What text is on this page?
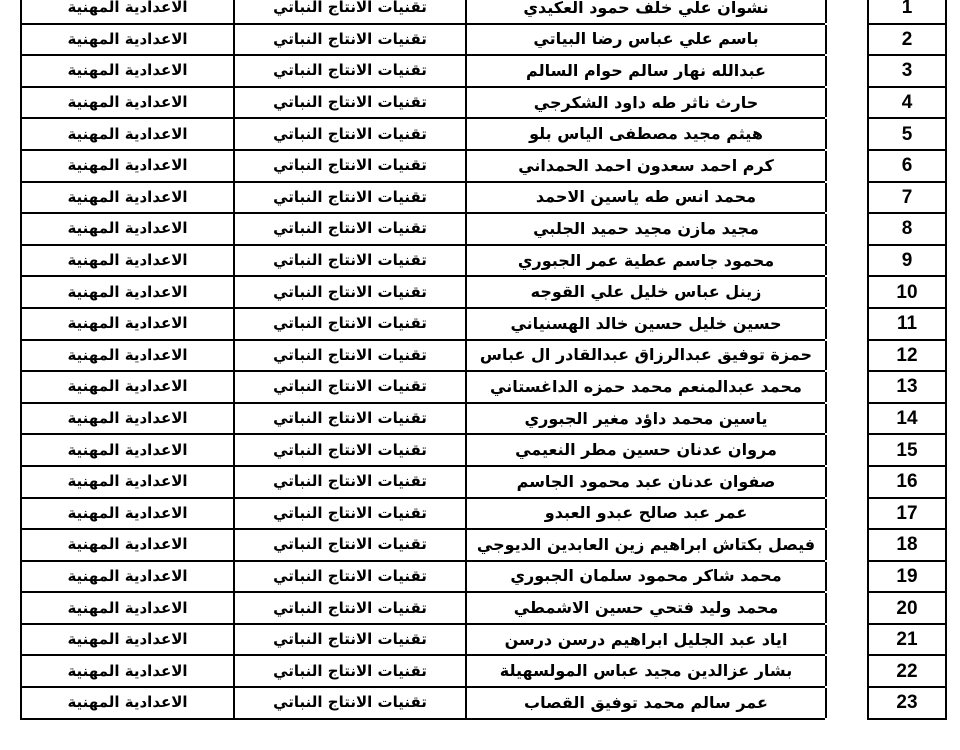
1		نشوان علي خلف حمود العكيدي	تقنيات الانتاج النباتي	الاعدادية المهنية
2		باسم علي عباس رضا البياتي	تقنيات الانتاج النباتي	الاعدادية المهنية
3		عبدالله نهار سالم حوام السالم	تقنيات الانتاج النباتي	الاعدادية المهنية
4		حارث ناثر طه داود الشكرجي	تقنيات الانتاج النباتي	الاعدادية المهنية
5		هيثم مجيد مصطفى الياس بلو	تقنيات الانتاج النباتي	الاعدادية المهنية
6		كرم احمد سعدون احمد الحمداني	تقنيات الانتاج النباتي	الاعدادية المهنية
7		محمد انس طه ياسين الاحمد	تقنيات الانتاج النباتي	الاعدادية المهنية
8		مجيد مازن مجيد حميد الجلبي	تقنيات الانتاج النباتي	الاعدادية المهنية
9		محمود جاسم عطية عمر الجبوري	تقنيات الانتاج النباتي	الاعدادية المهنية
10		زينل عباس خليل علي القوجه	تقنيات الانتاج النباتي	الاعدادية المهنية
11		حسين خليل حسين خالد الهسنياني	تقنيات الانتاج النباتي	الاعدادية المهنية
12		حمزة توفيق عبدالرزاق عبدالقادر ال عباس	تقنيات الانتاج النباتي	الاعدادية المهنية
13		محمد عبدالمنعم محمد حمزه الداغستاني	تقنيات الانتاج النباتي	الاعدادية المهنية
14		ياسين محمد داؤد مغير الجبوري	تقنيات الانتاج النباتي	الاعدادية المهنية
15		مروان عدنان حسين مطر النعيمي	تقنيات الانتاج النباتي	الاعدادية المهنية
16		صفوان عدنان عبد محمود الجاسم	تقنيات الانتاج النباتي	الاعدادية المهنية
17		عمر عبد صالح عبدو العبدو	تقنيات الانتاج النباتي	الاعدادية المهنية
18		فيصل بكتاش ابراهيم زين العابدين الديوجي	تقنيات الانتاج النباتي	الاعدادية المهنية
19		محمد شاكر محمود سلمان الجبوري	تقنيات الانتاج النباتي	الاعدادية المهنية
20		محمد وليد فتحي حسين الاشمطي	تقنيات الانتاج النباتي	الاعدادية المهنية
21		اياد عبد الجليل ابراهيم درسن درسن	تقنيات الانتاج النباتي	الاعدادية المهنية
22		بشار عزالدين مجيد عباس المولسهيلة	تقنيات الانتاج النباتي	الاعدادية المهنية
23		عمر سالم محمد توفيق القصاب	تقنيات الانتاج النباتي	الاعدادية المهنية
